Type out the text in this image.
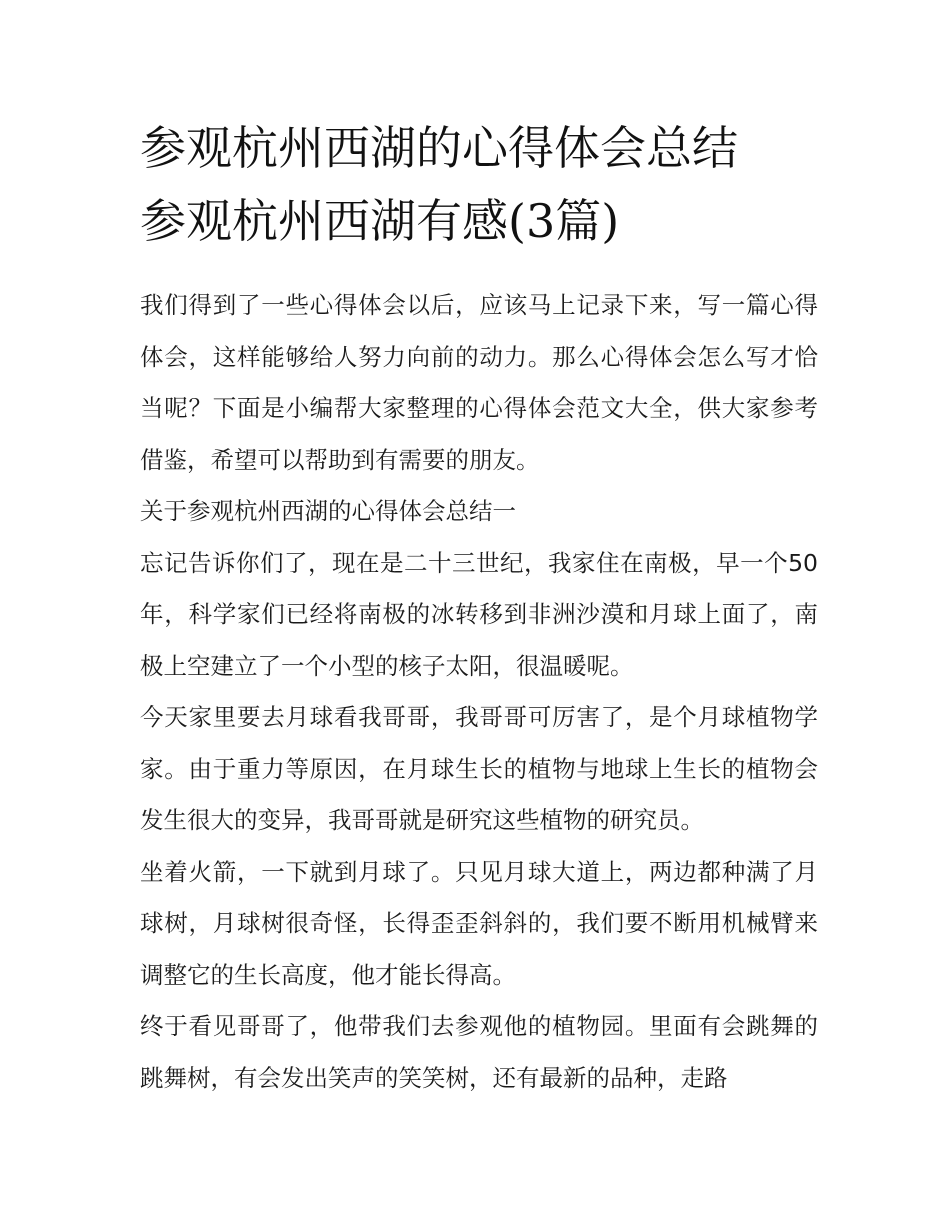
参观杭州西湖的心得体会总结
参观杭州西湖有感(3篇)

我们得到了一些心得体会以后，应该马上记录下来，写一篇心得体会，这样能够给人努力向前的动力。那么心得体会怎么写才恰当呢？下面是小编帮大家整理的心得体会范文大全，供大家参考借鉴，希望可以帮助到有需要的朋友。

关于参观杭州西湖的心得体会总结一

忘记告诉你们了，现在是二十三世纪，我家住在南极，早一个50年，科学家们已经将南极的冰转移到非洲沙漠和月球上面了，南极上空建立了一个小型的核子太阳，很温暖呢。

今天家里要去月球看我哥哥，我哥哥可厉害了，是个月球植物学家。由于重力等原因，在月球生长的植物与地球上生长的植物会发生很大的变异，我哥哥就是研究这些植物的研究员。

坐着火箭，一下就到月球了。只见月球大道上，两边都种满了月球树，月球树很奇怪，长得歪歪斜斜的，我们要不断用机械臂来调整它的生长高度，他才能长得高。

终于看见哥哥了，他带我们去参观他的植物园。里面有会跳舞的跳舞树，有会发出笑声的笑笑树，还有最新的品种，走路
